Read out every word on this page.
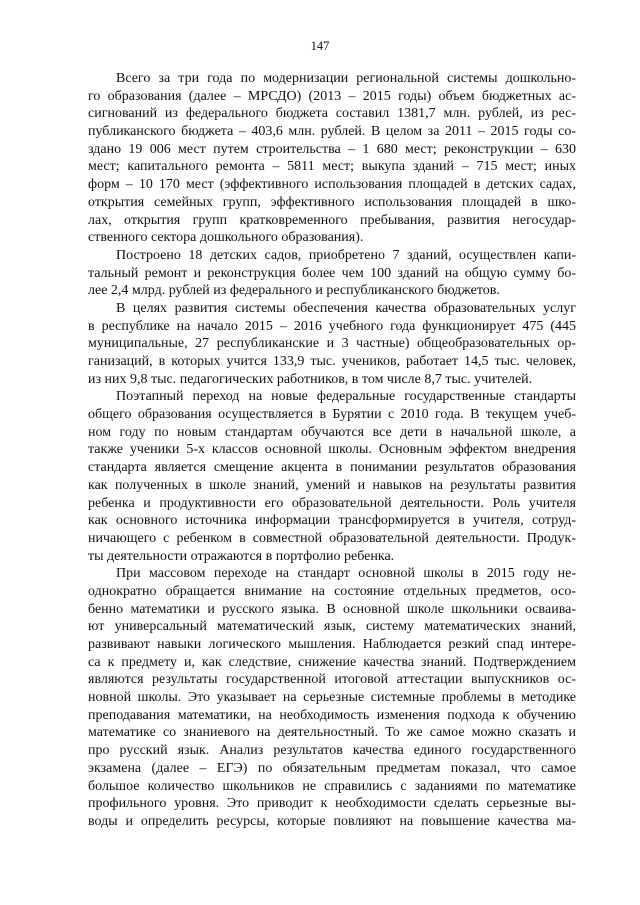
147
Всего за три года по модернизации региональной системы дошкольно-
го образования (далее – МРСДО) (2013 – 2015 годы) объем бюджетных ас-
сигнований из федерального бюджета составил 1381,7 млн. рублей, из рес-
публиканского бюджета – 403,6 млн. рублей. В целом за 2011 – 2015 годы со-
здано 19 006 мест путем строительства – 1 680 мест; реконструкции – 630
мест; капитального ремонта – 5811 мест; выкупа зданий – 715 мест; иных
форм – 10 170 мест (эффективного использования площадей в детских садах,
открытия семейных групп, эффективного использования площадей в шко-
лах, открытия групп кратковременного пребывания, развития негосудар-
ственного сектора дошкольного образования).
Построено 18 детских садов, приобретено 7 зданий, осуществлен капи-
тальный ремонт и реконструкция более чем 100 зданий на общую сумму бо-
лее 2,4 млрд. рублей из федерального и республиканского бюджетов.
В целях развития системы обеспечения качества образовательных услуг
в республике на начало 2015 – 2016 учебного года функционирует 475 (445
муниципальные, 27 республиканские и 3 частные) общеобразовательных ор-
ганизаций, в которых учится 133,9 тыс. учеников, работает 14,5 тыс. человек,
из них 9,8 тыс. педагогических работников, в том числе 8,7 тыс. учителей.
Поэтапный переход на новые федеральные государственные стандарты
общего образования осуществляется в Бурятии с 2010 года. В текущем учеб-
ном году по новым стандартам обучаются все дети в начальной школе, а
также ученики 5-х классов основной школы. Основным эффектом внедрения
стандарта является смещение акцента в понимании результатов образования
как полученных в школе знаний, умений и навыков на результаты развития
ребенка и продуктивности его образовательной деятельности. Роль учителя
как основного источника информации трансформируется в учителя, сотруд-
ничающего с ребенком в совместной образовательной деятельности. Продук-
ты деятельности отражаются в портфолио ребенка.
При массовом переходе на стандарт основной школы в 2015 году не-
однократно обращается внимание на состояние отдельных предметов, осо-
бенно математики и русского языка. В основной школе школьники осваива-
ют универсальный математический язык, систему математических знаний,
развивают навыки логического мышления. Наблюдается резкий спад интере-
са к предмету и, как следствие, снижение качества знаний. Подтверждением
являются результаты государственной итоговой аттестации выпускников ос-
новной школы. Это указывает на серьезные системные проблемы в методике
преподавания математики, на необходимость изменения подхода к обучению
математике со знаниевого на деятельностный. То же самое можно сказать и
про русский язык. Анализ результатов качества единого государственного
экзамена (далее – ЕГЭ) по обязательным предметам показал, что самое
большое количество школьников не справились с заданиями по математике
профильного уровня. Это приводит к необходимости сделать серьезные вы-
воды и определить ресурсы, которые повлияют на повышение качества ма-
